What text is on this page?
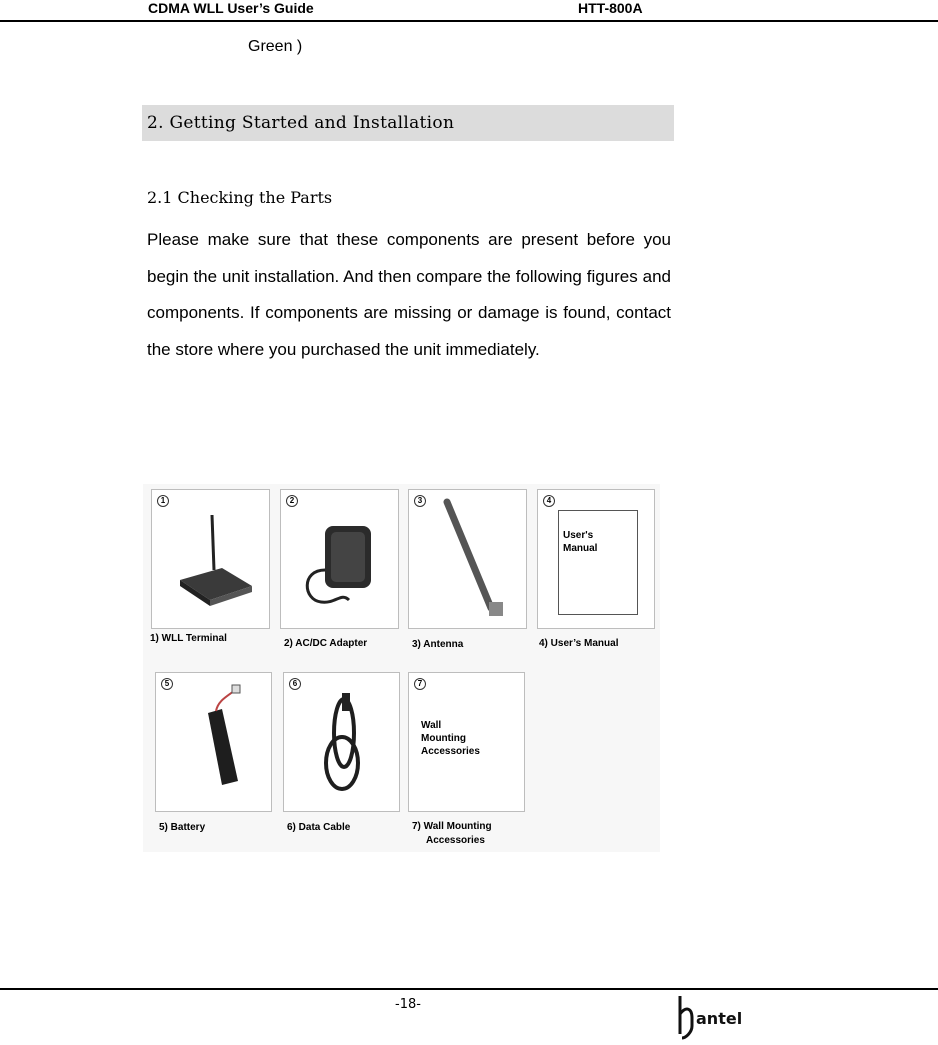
CDMA WLL User’s Guide	HTT-800A
Green )
2. Getting Started and Installation
2.1 Checking the Parts
Please make sure that these components are present before you begin the unit installation. And then compare the following figures and components. If components are missing or damage is found, contact the store where you purchased the unit immediately.
1
1) WLL Terminal
2
2) AC/DC Adapter
3
3) Antenna
4
User's
Manual
4) User’s Manual
5
5) Battery
6
6) Data Cable
7
Wall
Mounting
Accessories
7) Wall Mounting
Accessories
-18-
antel
